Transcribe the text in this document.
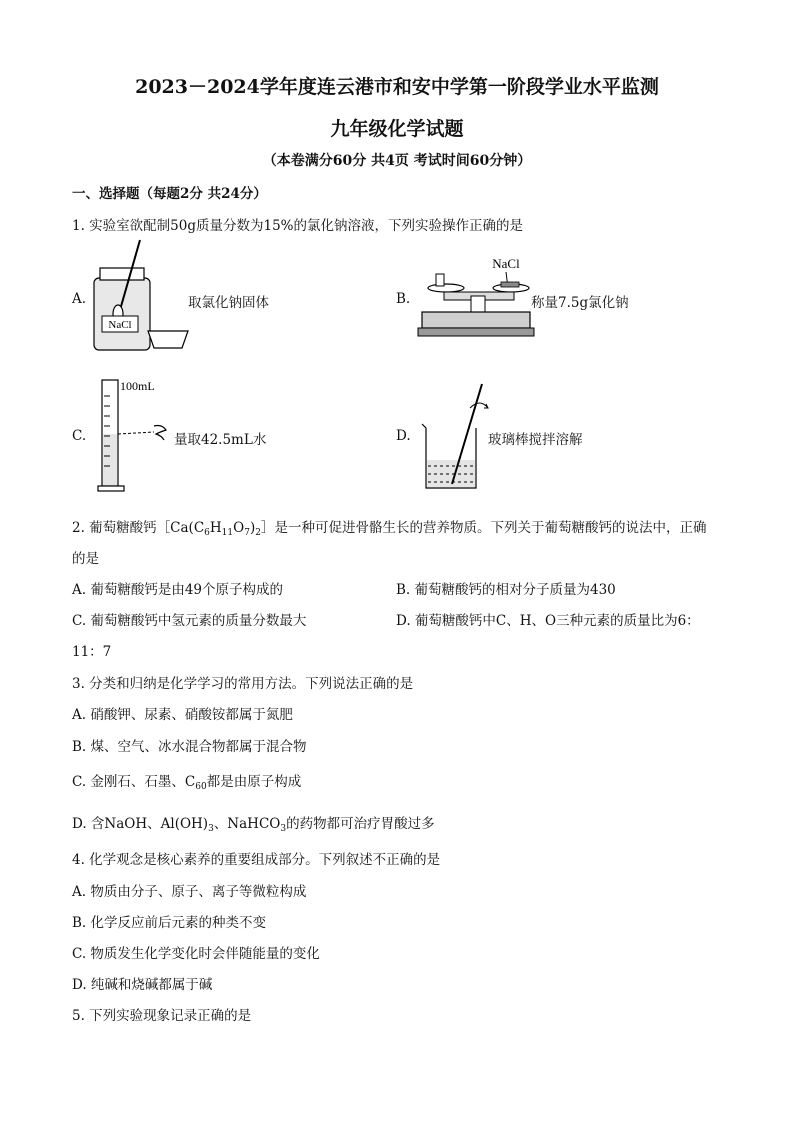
2023－2024学年度连云港市和安中学第一阶段学业水平监测
九年级化学试题
（本卷满分60分 共4页 考试时间60分钟）
一、选择题（每题2分 共24分）
1. 实验室欲配制50g质量分数为15%的氯化钠溶液，下列实验操作正确的是
A.
NaCl
取氯化钠固体	B.
NaCl
称量7.5g氯化钠
C.
100mL
量取42.5mL水	D.	玻璃棒搅拌溶解
2. 葡萄糖酸钙$[Ca(C_6H_{11}O_7)_2]$是一种可促进骨骼生长的营养物质。下列关于葡萄糖酸钙的说法中，正确
的是
A. 葡萄糖酸钙是由49个原子构成的	B. 葡萄糖酸钙的相对分子质量为430
C. 葡萄糖酸钙中氢元素的质量分数最大	D. 葡萄糖酸钙中C、H、O三种元素的质量比为6：
11：7
3. 分类和归纳是化学学习的常用方法。下列说法正确的是
A. 硝酸钾、尿素、硝酸铵都属于氮肥
B. 煤、空气、冰水混合物都属于混合物
C. 金刚石、石墨、$C_{60}$都是由原子构成
D. 含NaOH、$Al(OH)_3$、NaHCO$_3$的药物都可治疗胃酸过多
4. 化学观念是核心素养的重要组成部分。下列叙述不正确的是
A. 物质由分子、原子、离子等微粒构成
B. 化学反应前后元素的种类不变
C. 物质发生化学变化时会伴随能量的变化
D. 纯碱和烧碱都属于碱
5. 下列实验现象记录正确的是
